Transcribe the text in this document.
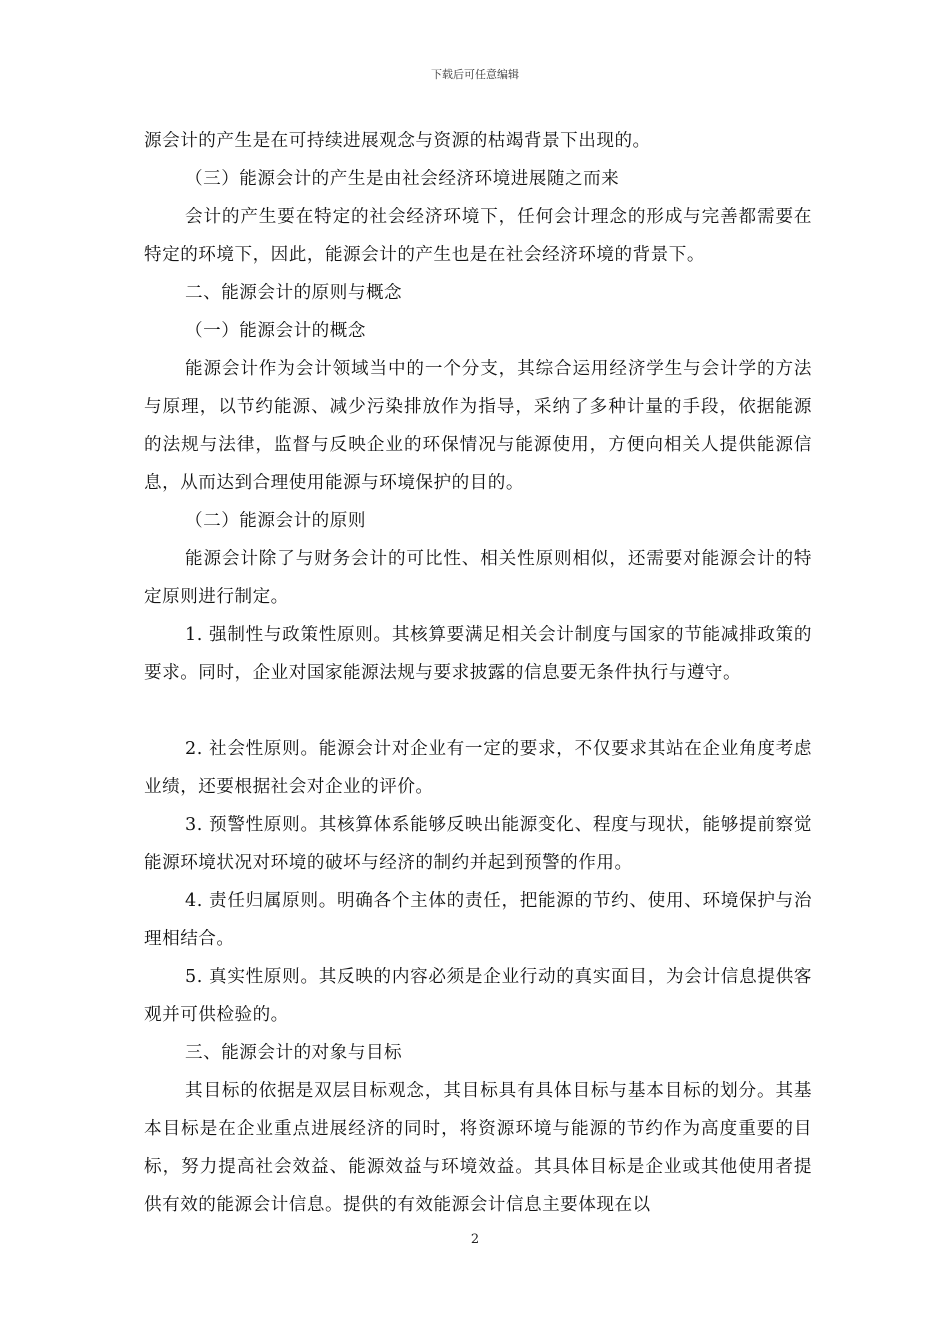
下载后可任意编辑

源会计的产生是在可持续进展观念与资源的枯竭背景下出现的。

（三）能源会计的产生是由社会经济环境进展随之而来

会计的产生要在特定的社会经济环境下，任何会计理念的形成与完善都需要在特定的环境下，因此，能源会计的产生也是在社会经济环境的背景下。

二、能源会计的原则与概念

（一）能源会计的概念

能源会计作为会计领域当中的一个分支，其综合运用经济学生与会计学的方法与原理，以节约能源、减少污染排放作为指导，采纳了多种计量的手段，依据能源的法规与法律，监督与反映企业的环保情况与能源使用，方便向相关人提供能源信息，从而达到合理使用能源与环境保护的目的。

（二）能源会计的原则

能源会计除了与财务会计的可比性、相关性原则相似，还需要对能源会计的特定原则进行制定。

1. 强制性与政策性原则。其核算要满足相关会计制度与国家的节能减排政策的要求。同时，企业对国家能源法规与要求披露的信息要无条件执行与遵守。

2. 社会性原则。能源会计对企业有一定的要求，不仅要求其站在企业角度考虑业绩，还要根据社会对企业的评价。

3. 预警性原则。其核算体系能够反映出能源变化、程度与现状，能够提前察觉能源环境状况对环境的破坏与经济的制约并起到预警的作用。

4. 责任归属原则。明确各个主体的责任，把能源的节约、使用、环境保护与治理相结合。

5. 真实性原则。其反映的内容必须是企业行动的真实面目，为会计信息提供客观并可供检验的。

三、能源会计的对象与目标

其目标的依据是双层目标观念，其目标具有具体目标与基本目标的划分。其基本目标是在企业重点进展经济的同时，将资源环境与能源的节约作为高度重要的目标，努力提高社会效益、能源效益与环境效益。其具体目标是企业或其他使用者提供有效的能源会计信息。提供的有效能源会计信息主要体现在以

2
